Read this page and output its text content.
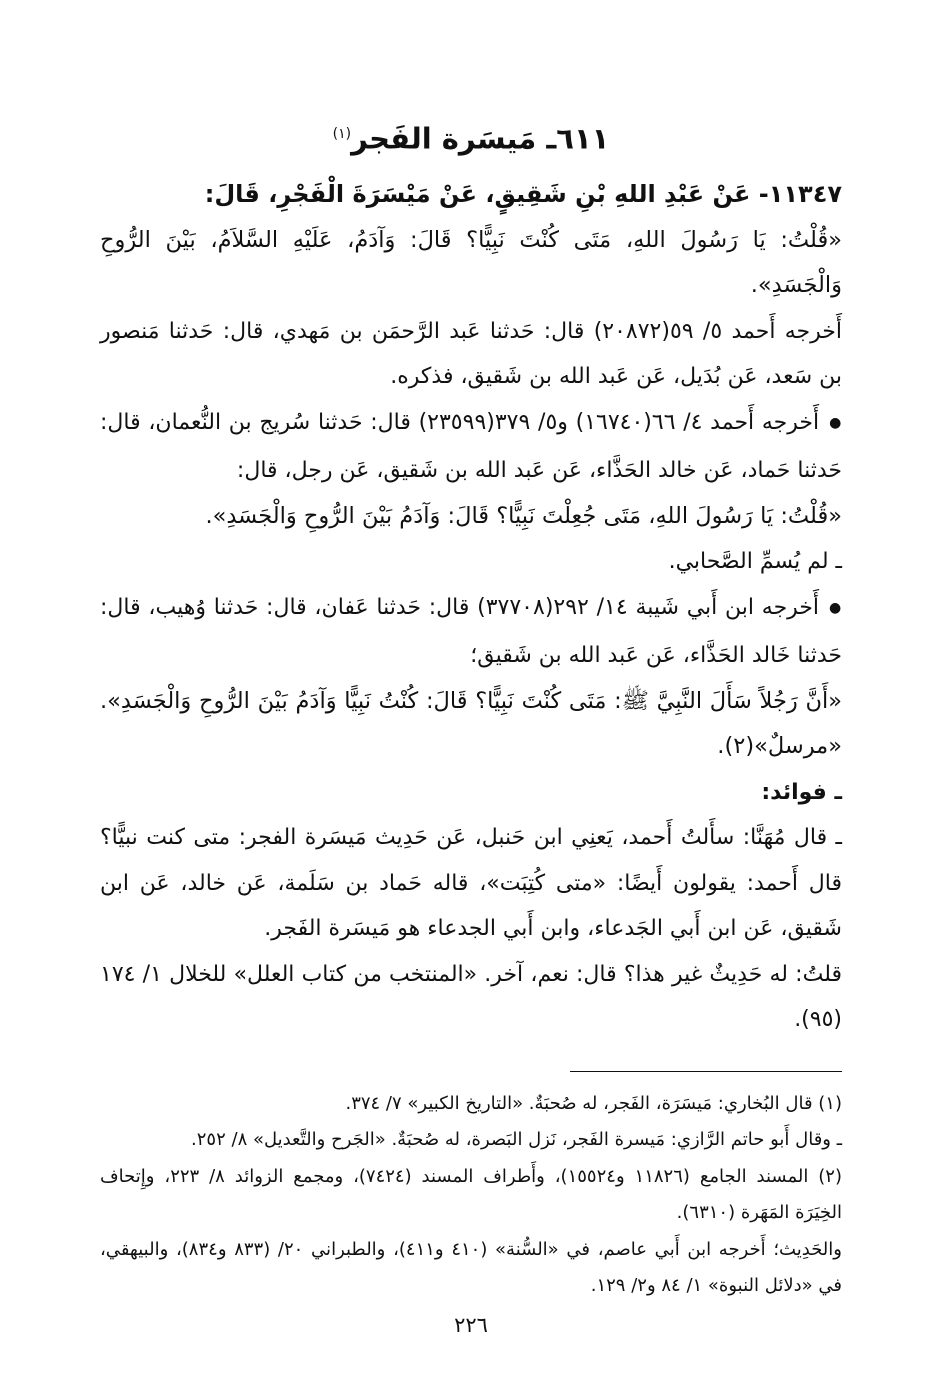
٦١١ـ مَيسَرة الفَجر$^{(١)}$

١١٣٤٧- عَنْ عَبْدِ اللهِ بْنِ شَقِيقٍ، عَنْ مَيْسَرَةَ الْفَجْرِ، قَالَ:

«قُلْتُ: يَا رَسُولَ اللهِ، مَتَى كُنْتَ نَبِيًّا؟ قَالَ: وَآدَمُ، عَلَيْهِ السَّلاَمُ، بَيْنَ الرُّوحِ وَالْجَسَدِ».

أَخرجه أَحمد ٥/ ٥٩(٢٠٨٧٢) قال: حَدثنا عَبد الرَّحمَن بن مَهدي، قال: حَدثنا مَنصور بن سَعد، عَن بُدَيل، عَن عَبد الله بن شَقيق، فذكره.

● أَخرجه أَحمد ٤/ ٦٦(١٦٧٤٠) و٥/ ٣٧٩(٢٣٥٩٩) قال: حَدثنا سُريج بن النُّعمان، قال: حَدثنا حَماد، عَن خالد الحَذَّاء، عَن عَبد الله بن شَقيق، عَن رجل، قال:

«قُلْتُ: يَا رَسُولَ اللهِ، مَتَى جُعِلْتَ نَبِيًّا؟ قَالَ: وَآدَمُ بَيْنَ الرُّوحِ وَالْجَسَدِ».

ـ لم يُسمِّ الصَّحابي.

● أَخرجه ابن أَبي شَيبة ١٤/ ٢٩٢(٣٧٧٠٨) قال: حَدثنا عَفان، قال: حَدثنا وُهيب، قال: حَدثنا خَالد الحَذَّاء، عَن عَبد الله بن شَقيق؛

«أَنَّ رَجُلاً سَأَلَ النَّبِيَّ ﷺ: مَتَى كُنْتَ نَبِيًّا؟ قَالَ: كُنْتُ نَبِيًّا وَآدَمُ بَيْنَ الرُّوحِ وَالْجَسَدِ». «مرسلٌ»(٢).

ـ فوائد:

ـ قال مُهَنَّا: سأَلتُ أَحمد، يَعنِي ابن حَنبل، عَن حَدِيث مَيسَرة الفجر: متى كنت نبيًّا؟ قال أَحمد: يقولون أَيضًا: «متى كُتِبَت»، قاله حَماد بن سَلَمة، عَن خالد، عَن ابن شَقيق، عَن ابن أَبي الجَدعاء، وابن أَبي الجدعاء هو مَيسَرة الفَجر.

قلتُ: له حَدِيثٌ غير هذا؟ قال: نعم، آخر. «المنتخب من كتاب العلل» للخلال ١/ ١٧٤ (٩٥).

(١) قال البُخاري: مَيسَرَة، الفَجر، له صُحبَةٌ. «التاريخ الكبير» ٧/ ٣٧٤.

ـ وقال أَبو حاتم الرَّازي: مَيسرة الفَجر، نَزل البَصرة، له صُحبَةٌ. «الجَرح والتَّعديل» ٨/ ٢٥٢.

(٢) المسند الجامع (١١٨٢٦ و١٥٥٢٤)، وأَطراف المسند (٧٤٢٤)، ومجمع الزوائد ٨/ ٢٢٣، وإِتحاف الخِيَرَة المَهَرة (٦٣١٠).

والحَدِيث؛ أَخرجه ابن أَبي عاصم، في «السُّنة» (٤١٠ و٤١١)، والطبراني ٢٠/ (٨٣٣ و٨٣٤)، والبيهقي، في «دلائل النبوة» ١/ ٨٤ و٢/ ١٢٩.

٢٢٦
